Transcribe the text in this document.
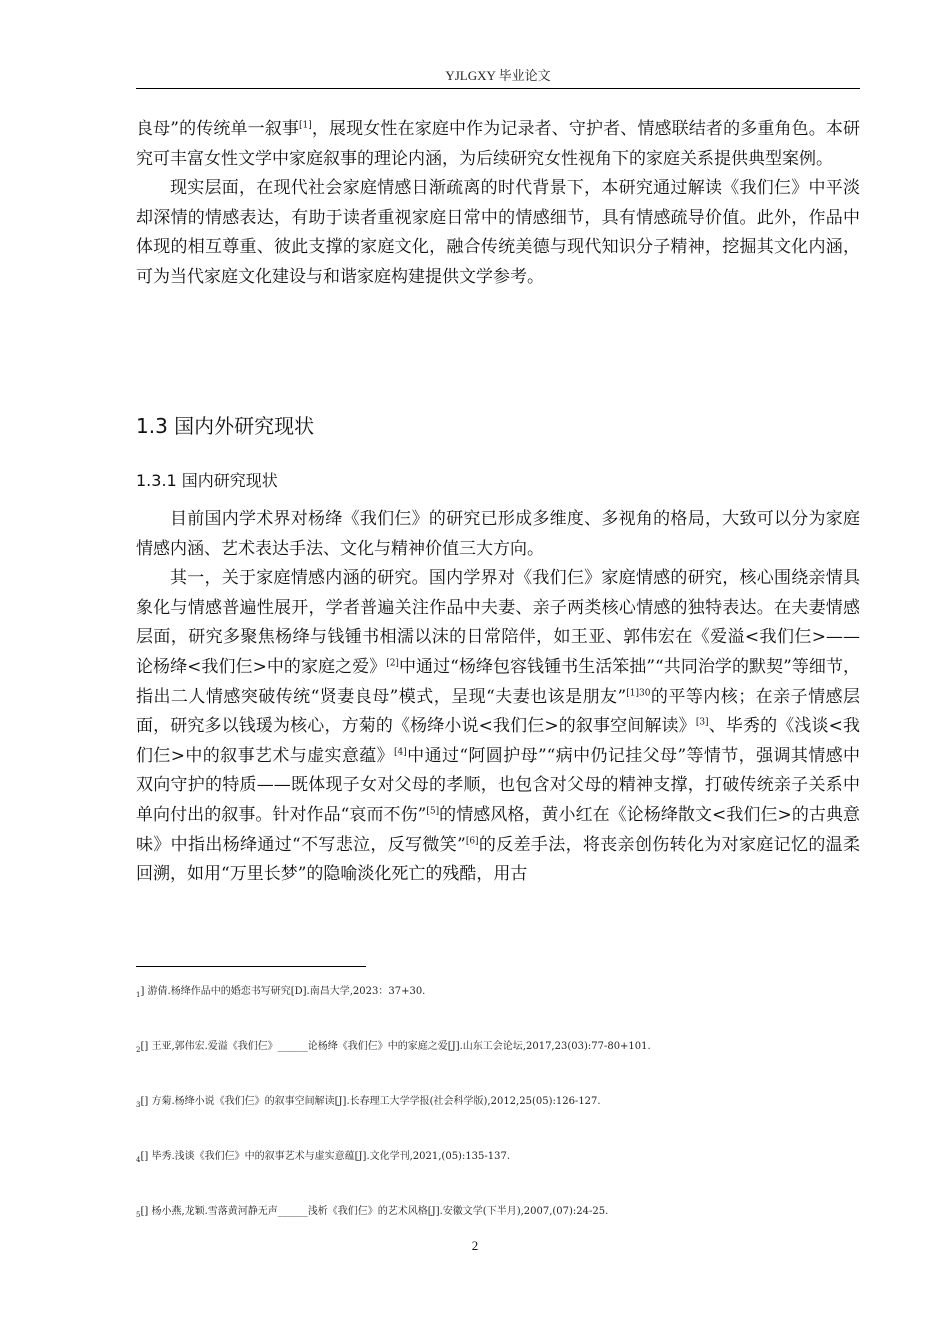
YJLGXY 毕业论文

良母”的传统单一叙事[1]，展现女性在家庭中作为记录者、守护者、情感联结者的多重角色。本研究可丰富女性文学中家庭叙事的理论内涵，为后续研究女性视角下的家庭关系提供典型案例。

现实层面，在现代社会家庭情感日渐疏离的时代背景下，本研究通过解读《我们仨》中平淡却深情的情感表达，有助于读者重视家庭日常中的情感细节，具有情感疏导价值。此外，作品中体现的相互尊重、彼此支撑的家庭文化，融合传统美德与现代知识分子精神，挖掘其文化内涵，可为当代家庭文化建设与和谐家庭构建提供文学参考。

1.3 国内外研究现状
1.3.1 国内研究现状

目前国内学术界对杨绛《我们仨》的研究已形成多维度、多视角的格局，大致可以分为家庭情感内涵、艺术表达手法、文化与精神价值三大方向。

其一，关于家庭情感内涵的研究。国内学界对《我们仨》家庭情感的研究，核心围绕亲情具象化与情感普遍性展开，学者普遍关注作品中夫妻、亲子两类核心情感的独特表达。在夫妻情感层面，研究多聚焦杨绛与钱锺书相濡以沫的日常陪伴，如王亚、郭伟宏在《爱溢<我们仨>——论杨绛<我们仨>中的家庭之爱》[2]中通过“杨绛包容钱锺书生活笨拙”“共同治学的默契”等细节，指出二人情感突破传统“贤妻良母”模式，呈现“夫妻也该是朋友”$^{[1]30}$的平等内核；在亲子情感层面，研究多以钱瑗为核心，方菊的《杨绛小说<我们仨>的叙事空间解读》[3]、毕秀的《浅谈<我们仨>中的叙事艺术与虚实意蕴》[4]中通过“阿圆护母”“病中仍记挂父母”等情节，强调其情感中双向守护的特质——既体现子女对父母的孝顺，也包含对父母的精神支撑，打破传统亲子关系中单向付出的叙事。针对作品“哀而不伤”[5]的情感风格，黄小红在《论杨绛散文<我们仨>的古典意味》中指出杨绛通过“不写悲泣，反写微笑”[6]的反差手法，将丧亲创伤转化为对家庭记忆的温柔回溯，如用“万里长梦”的隐喻淡化死亡的残酷，用古

$_1$] 游倩.杨绛作品中的婚恋书写研究[D].南昌大学,2023：37+30.
$_2$[] 王亚,郭伟宏.爱溢《我们仨》______论杨绛《我们仨》中的家庭之爱[J].山东工会论坛,2017,23(03):77-80+101.
$_3$[] 方菊.杨绛小说《我们仨》的叙事空间解读[J].长春理工大学学报(社会科学版),2012,25(05):126-127.
$_4$[] 毕秀.浅谈《我们仨》中的叙事艺术与虚实意蕴[J].文化学刊,2021,(05):135-137.
$_5$[] 杨小燕,龙颖.雪落黄河静无声______浅析《我们仨》的艺术风格[J].安徽文学(下半月),2007,(07):24-25.
2
